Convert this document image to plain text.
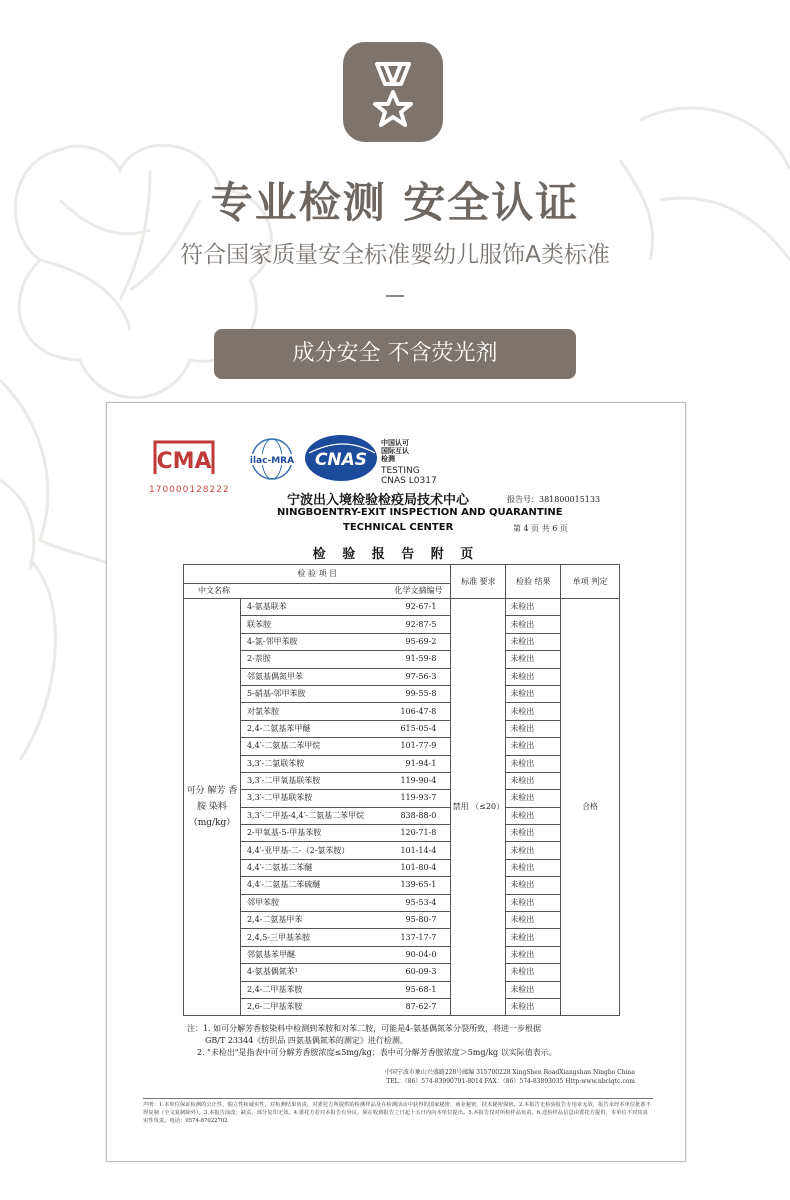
专业检测 安全认证
符合国家质量安全标准婴幼儿服饰A类标准
成分安全 不含荧光剂
CMA
170000128222
ilac-MRA CNAS
中国认可
国际互认
检测
TESTING
CNAS L0317
宁波出入境检验检疫局技术中心	报告号：381800015133
NINGBOENTRY-EXIT INSPECTION AND QUARANTINE
TECHNICAL CENTER	第 4 页 共 6 页
检 验 报 告 附 页
检 验 项 目		标准 要求	检验 结果	单项 判定

中文名称 化学文摘编号				

可分 解芳 香胺 染料 （mg/kg）	4-氨基联苯 92-67-1	禁用 （≤20）	未检出	合格

	联苯胺 92-87-5		未检出	

	4-氯-邻甲苯胺 95-69-2		未检出	

	2-萘胺 91-59-8		未检出	

	邻氨基偶氮甲苯 97-56-3		未检出	

	5-硝基-邻甲苯胺 99-55-8		未检出	

	对氯苯胺 106-47-8		未检出	

	2,4-二氨基苯甲醚 615-05-4		未检出	

	4,4′-二氨基二苯甲烷 101-77-9		未检出	

	3,3′-二氯联苯胺 91-94-1		未检出	

	3,3′-二甲氧基联苯胺 119-90-4		未检出	

	3,3′-二甲基联苯胺 119-93-7		未检出	

	3,3′-二甲基-4,4′-二氨基二苯甲烷 838-88-0		未检出	

	2-甲氧基-5-甲基苯胺 120-71-8		未检出	

	4,4′-亚甲基-二-（2-氯苯胺） 101-14-4		未检出	

	4,4′-二氨基二苯醚 101-80-4		未检出	

	4,4′-二氨基二苯硫醚 139-65-1		未检出	

	邻甲苯胺 95-53-4		未检出	

	2,4-二氨基甲苯 95-80-7		未检出	

	2,4,5-三甲基苯胺 137-17-7		未检出	

	邻氨基苯甲醚 90-04-0		未检出	

	4-氨基偶氮苯¹ 60-09-3		未检出	

	2,4-二甲基苯胺 95-68-1		未检出	

	2,6-二甲基苯胺 87-62-7		未检出	
注：1. 如可分解芳香胺染料中检测到苯胺和对苯二胺，可能是4-氨基偶氮苯分裂所致，将进一步根据
GB/T 23344《纺织品 四氨基偶氮苯的测定》进行检测。
2. "未检出"是指表中可分解芳香胺浓度≤5mg/kg；表中可分解芳香胺浓度＞5mg/kg 以实际值表示。
中国宁波市象山兴盛路228号邮编 315700228 XingShen RoadXiangshan Ningbo China
TEL：（86）574-83990791-8014 FAX：（86）574-83893035 Http:www.nbciqtc.com
声明：1.本单位保证检测的公正性、独立性和诚实性，对检测结果负责，对委托方所提供的检测样品及在检测活动中获得的国家秘密、商业秘密、技术秘密保密。2.本报告无检验报告专用章无效，报告未经本单位批准不得复制（全文复制除外）。3.本报告涂改、缺页、部分复印无效。4.委托方若对本报告有异议，须在收到报告之日起十五日内向本单位提出。5.本报告仅对所检样品负责。6.送检样品信息由委托方提供，本单位不对其真实性负责。电话：0574-87022702
